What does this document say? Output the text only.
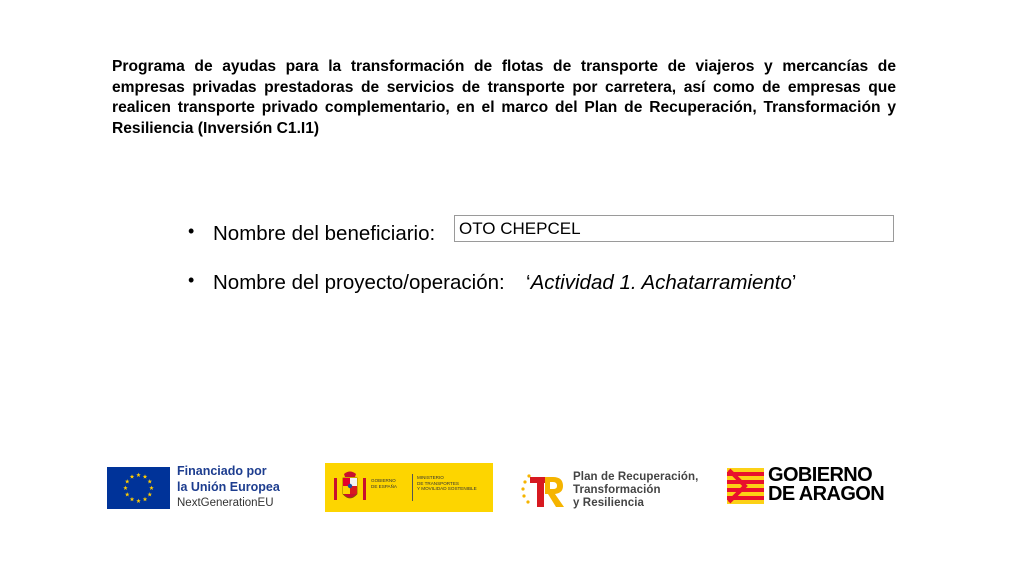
Programa de ayudas para la transformación de flotas de transporte de viajeros y mercancías de empresas privadas prestadoras de servicios de transporte por carretera, así como de empresas que realicen transporte privado complementario, en el marco del Plan de Recuperación, Transformación y Resiliencia (Inversión C1.I1)
• Nombre del beneficiario: OTO CHEPCEL
• Nombre del proyecto/operación: ‘Actividad 1. Achatarramiento’
Financiado por
la Unión Europea
NextGenerationEU
GOBIERNO
DE ESPAÑA
MINISTERIO
DE TRANSPORTES
Y MOVILIDAD SOSTENIBLE
Plan de Recuperación,
Transformación
y Resiliencia
GOBIERNO
DE ARAGON
